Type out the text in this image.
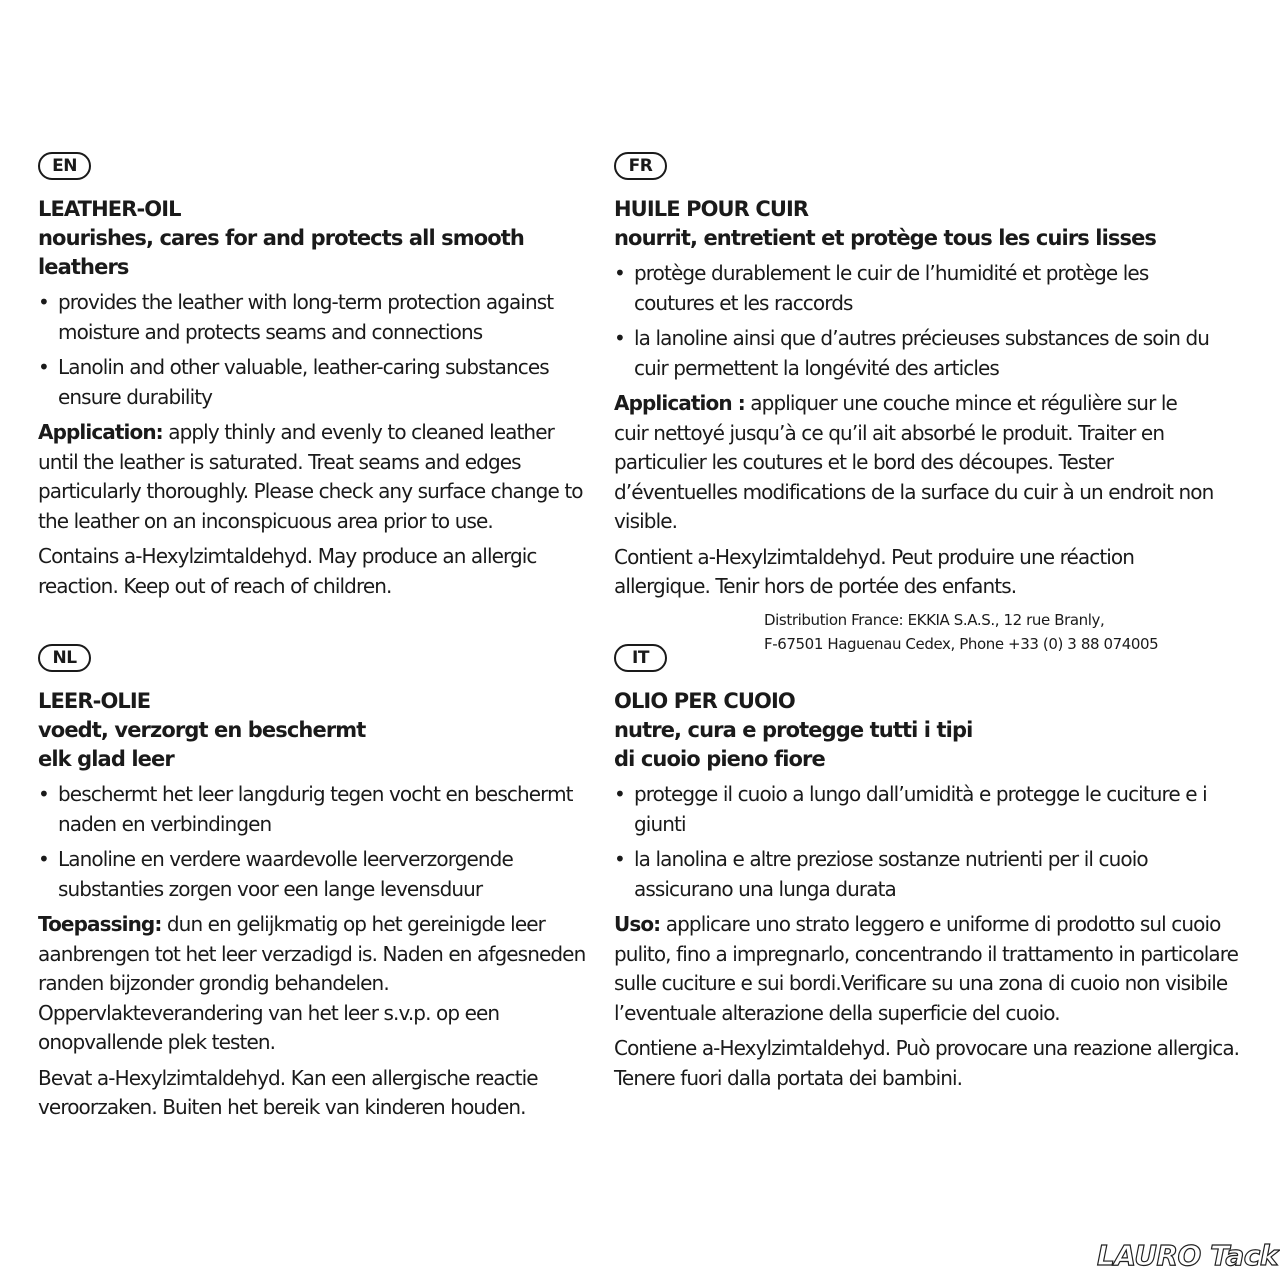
EN
LEATHER-OIL
nourishes, cares for and protects all smooth
leathers
• provides the leather with long-term protection against moisture and protects seams and connections
• Lanolin and other valuable, leather-caring substances ensure durability

Application: apply thinly and evenly to cleaned leather until the leather is saturated. Treat seams and edges particularly thoroughly. Please check any surface change to the leather on an inconspicuous area prior to use.

Contains a-Hexylzimtaldehyd. May produce an allergic reaction. Keep out of reach of children.

FR
HUILE POUR CUIR
nourrit, entretient et protège tous les cuirs lisses
• protège durablement le cuir de l’humidité et protège les coutures et les raccords
• la lanoline ainsi que d’autres précieuses substances de soin du cuir permettent la longévité des articles

Application : appliquer une couche mince et régulière sur le cuir nettoyé jusqu’à ce qu’il ait absorbé le produit. Traiter en particulier les coutures et le bord des découpes. Tester d’éventuelles modifications de la surface du cuir à un endroit non visible.

Contient a-Hexylzimtaldehyd. Peut produire une réaction allergique. Tenir hors de portée des enfants.

Distribution France: EKKIA S.A.S., 12 rue Branly,
F-67501 Haguenau Cedex, Phone +33 (0) 3 88 074005
NL
LEER-OLIE
voedt, verzorgt en beschermt
elk glad leer
• beschermt het leer langdurig tegen vocht en beschermt naden en verbindingen
• Lanoline en verdere waardevolle leerverzorgende substanties zorgen voor een lange levensduur

Toepassing: dun en gelijkmatig op het gereinigde leer aanbrengen tot het leer verzadigd is. Naden en afgesneden randen bijzonder grondig behandelen. Oppervlakteverandering van het leer s.v.p. op een onopvallende plek testen.

Bevat a-Hexylzimtaldehyd. Kan een allergische reactie veroorzaken. Buiten het bereik van kinderen houden.

IT
OLIO PER CUOIO
nutre, cura e protegge tutti i tipi
di cuoio pieno fiore
• protegge il cuoio a lungo dall’umidità e protegge le cuciture e i giunti
• la lanolina e altre preziose sostanze nutrienti per il cuoio assicurano una lunga durata

Uso: applicare uno strato leggero e uniforme di prodotto sul cuoio pulito, fino a impregnarlo, concentrando il trattamento in particolare sulle cuciture e sui bordi.Verificare su una zona di cuoio non visibile l’eventuale alterazione della superficie del cuoio.

Contiene a-Hexylzimtaldehyd. Può provocare una reazione allergica. Tenere fuori dalla portata dei bambini.

LAURO Tack
